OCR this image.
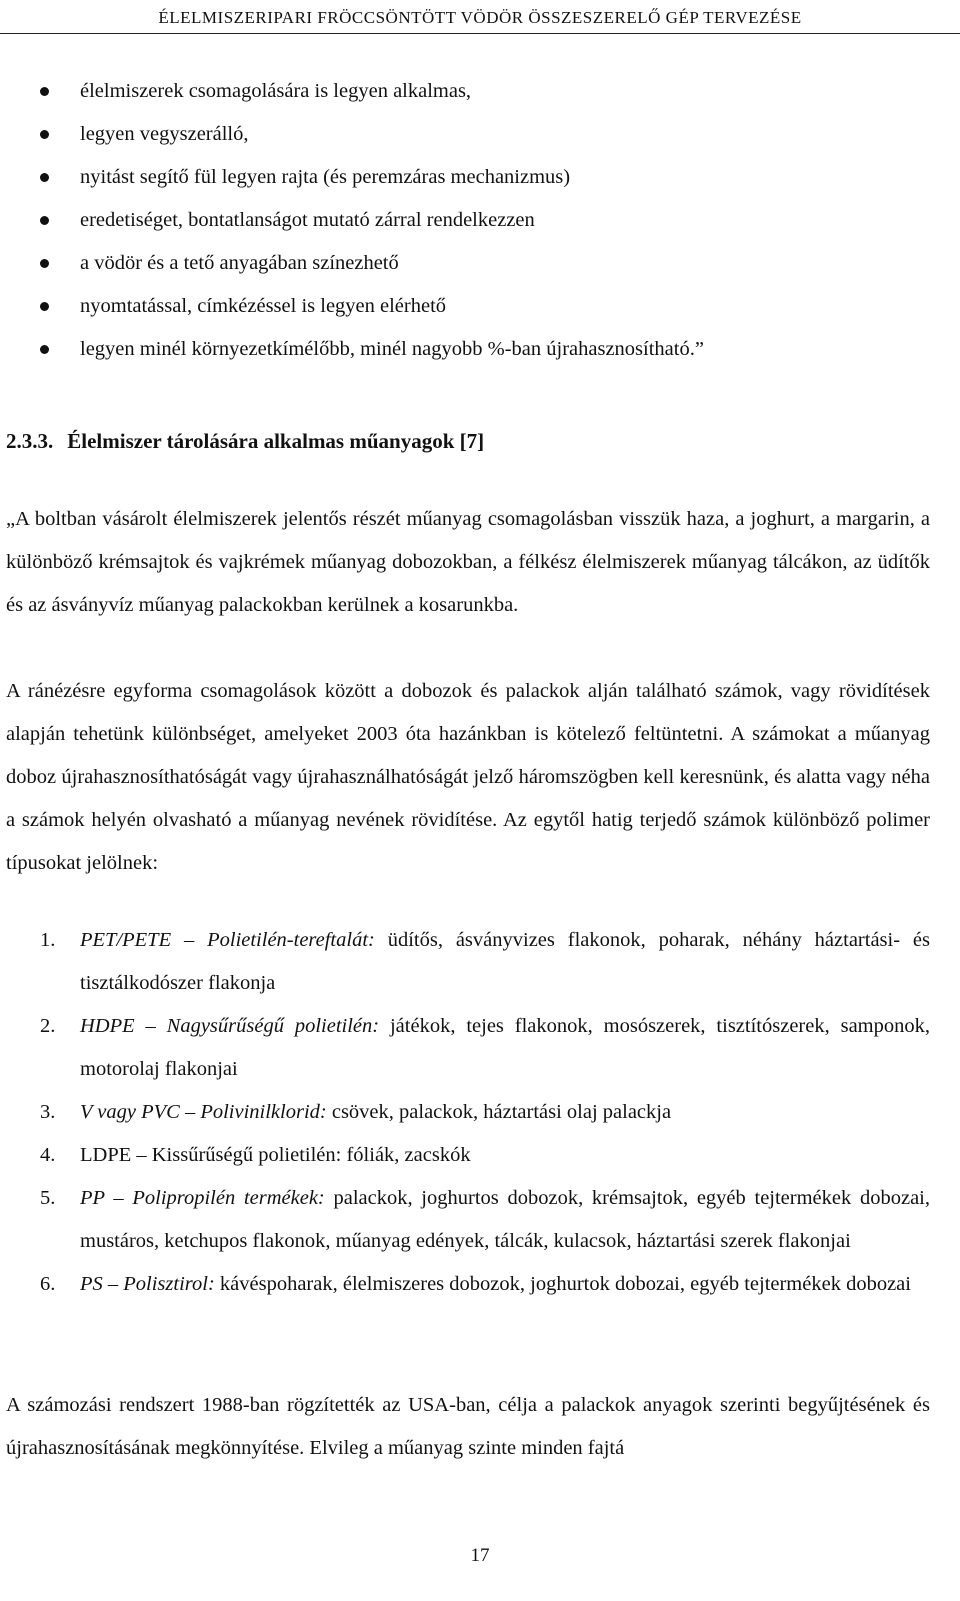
ÉLELMISZERIPARI FRÖCCSÖNTÖTT VÖDÖR ÖSSZESZERELŐ GÉP TERVEZÉSE
élelmiszerek csomagolására is legyen alkalmas,
legyen vegyszerálló,
nyitást segítő fül legyen rajta (és peremzáras mechanizmus)
eredetiséget, bontatlanságot mutató zárral rendelkezzen
a vödör és a tető anyagában színezhető
nyomtatással, címkézéssel is legyen elérhető
legyen minél környezetkímélőbb, minél nagyobb %-ban újrahasznosítható.”
2.3.3. Élelmiszer tárolására alkalmas műanyagok [7]
„A boltban vásárolt élelmiszerek jelentős részét műanyag csomagolásban visszük haza, a joghurt, a margarin, a különböző krémsajtok és vajkrémek műanyag dobozokban, a félkész élelmiszerek műanyag tálcákon, az üdítők és az ásványvíz műanyag palackokban kerülnek a kosarunkba.
A ránézésre egyforma csomagolások között a dobozok és palackok alján található számok, vagy rövidítések alapján tehetünk különbséget, amelyeket 2003 óta hazánkban is kötelező feltüntetni. A számokat a műanyag doboz újrahasznosíthatóságát vagy újrahasználhatóságát jelző háromszögben kell keresnünk, és alatta vagy néha a számok helyén olvasható a műanyag nevének rövidítése. Az egytől hatig terjedő számok különböző polimer típusokat jelölnek:
1.	PET/PETE – Polietilén-tereftalát: üdítős, ásványvizes flakonok, poharak, néhány háztartási- és tisztálkodószer flakonja
2.	HDPE – Nagysűrűségű polietilén: játékok, tejes flakonok, mosószerek, tisztítószerek, samponok, motorolaj flakonjai
3.	V vagy PVC – Polivinilklorid: csövek, palackok, háztartási olaj palackja
4.	LDPE – Kissűrűségű polietilén: fóliák, zacskók
5.	PP – Polipropilén termékek: palackok, joghurtos dobozok, krémsajtok, egyéb tejtermékek dobozai, mustáros, ketchupos flakonok, műanyag edények, tálcák, kulacsok, háztartási szerek flakonjai
6.	PS – Polisztirol: kávéspoharak, élelmiszeres dobozok, joghurtok dobozai, egyéb tejtermékek dobozai
A számozási rendszert 1988-ban rögzítették az USA-ban, célja a palackok anyagok szerinti begyűjtésének és újrahasznosításának megkönnyítése. Elvileg a műanyag szinte minden fajtá
17
